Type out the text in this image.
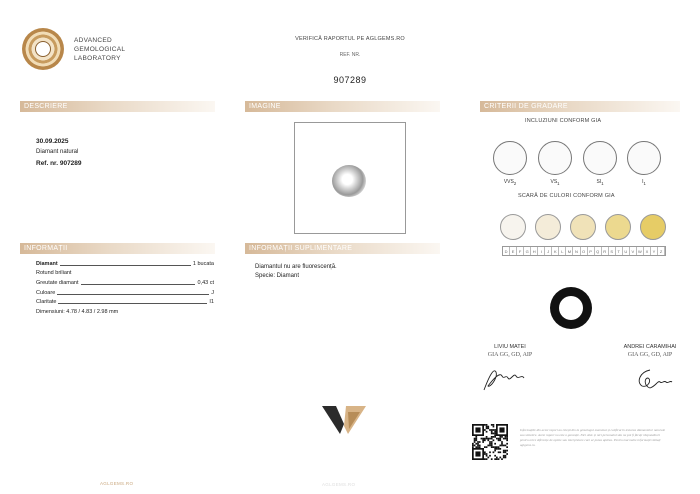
ADVANCED
GEMOLOGICAL
LABORATORY
VERIFICĂ RAPORTUL PE AGLGEMS.RO
REF. NR.
907289
DESCRIERE	IMAGINE	CRITERII DE GRADARE
INFORMAȚII	INFORMAȚII SUPLIMENTARE
30.09.2025
Diamant natural
Ref. nr. 907289
Diamant	1 bucata
Rotund briliant
Greutate diamant	0,43 ct
Culoare	J
Claritate	I1
Dimensiuni: 4.78 / 4.83 / 2.98 mm
Diamantul nu are fluorescență.
Specie: Diamant
INCLUZIUNI CONFORM GIA
$VVS_2$	$VS_1$	$SI_1$	$I_1$
SCARĂ DE CULORI CONFORM GIA
D	E	F	G	H	I	J	K	L	M N	O	P	Q	R	S	T	U	V W X	Y	Z
LIVIU MATEI
GIA GG, GD, AIP
ANDREI CARAMIHAI
GIA GG, GD, AIP
Informațiile din acest raport au reieșit din la gemologul examinat și calificat în testarea diamantelor naturale sau sintetice. Acest raport nu este o garanție. Nici AGL și nici personalul său nu pot fi făcuți răspunzători pentru orice diferențe de opinie sau interpretare care ar putea apărea. Pentru mai multe informații vizitați aglgems.ro.
AGLGEMS.RO	AGLGEMS.RO
